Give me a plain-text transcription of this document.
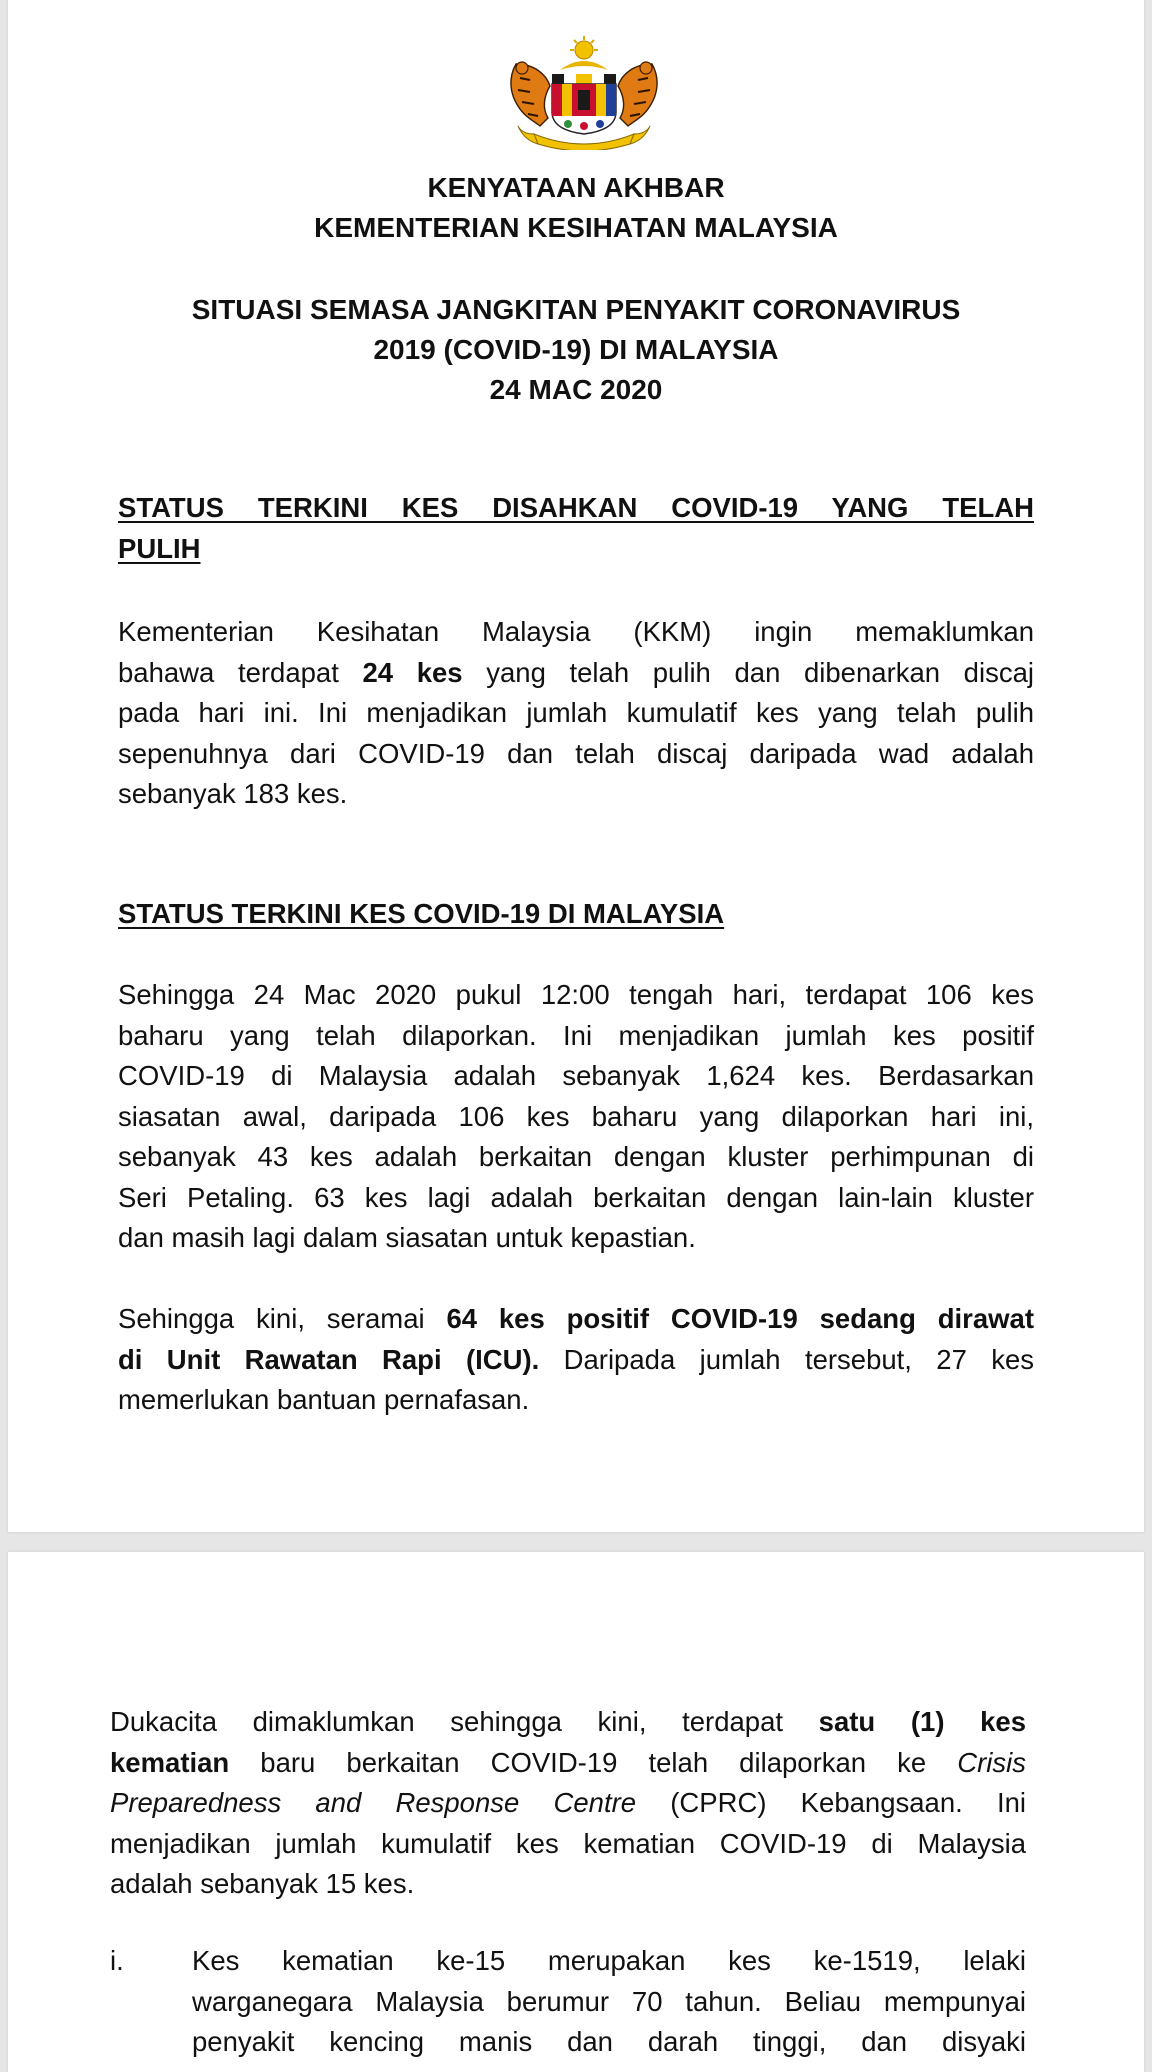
KENYATAAN AKHBAR
KEMENTERIAN KESIHATAN MALAYSIA
SITUASI SEMASA JANGKITAN PENYAKIT CORONAVIRUS
2019 (COVID-19) DI MALAYSIA
24 MAC 2020
STATUS TERKINI KES DISAHKAN COVID-19 YANG TELAH
PULIH
Kementerian Kesihatan Malaysia (KKM) ingin memaklumkan
bahawa terdapat 24 kes yang telah pulih dan dibenarkan discaj
pada hari ini. Ini menjadikan jumlah kumulatif kes yang telah pulih
sepenuhnya dari COVID-19 dan telah discaj daripada wad adalah
sebanyak 183 kes.
STATUS TERKINI KES COVID-19 DI MALAYSIA
Sehingga 24 Mac 2020 pukul 12:00 tengah hari, terdapat 106 kes
baharu yang telah dilaporkan. Ini menjadikan jumlah kes positif
COVID-19 di Malaysia adalah sebanyak 1,624 kes. Berdasarkan
siasatan awal, daripada 106 kes baharu yang dilaporkan hari ini,
sebanyak 43 kes adalah berkaitan dengan kluster perhimpunan di
Seri Petaling. 63 kes lagi adalah berkaitan dengan lain-lain kluster
dan masih lagi dalam siasatan untuk kepastian.
Sehingga kini, seramai 64 kes positif COVID-19 sedang dirawat
di Unit Rawatan Rapi (ICU). Daripada jumlah tersebut, 27 kes
memerlukan bantuan pernafasan.
Dukacita dimaklumkan sehingga kini, terdapat satu (1) kes
kematian baru berkaitan COVID-19 telah dilaporkan ke Crisis
Preparedness and Response Centre (CPRC) Kebangsaan. Ini
menjadikan jumlah kumulatif kes kematian COVID-19 di Malaysia
adalah sebanyak 15 kes.
i.	Kes kematian ke-15 merupakan kes ke-1519, lelaki
warganegara Malaysia berumur 70 tahun. Beliau mempunyai
penyakit kencing manis dan darah tinggi, dan disyaki
